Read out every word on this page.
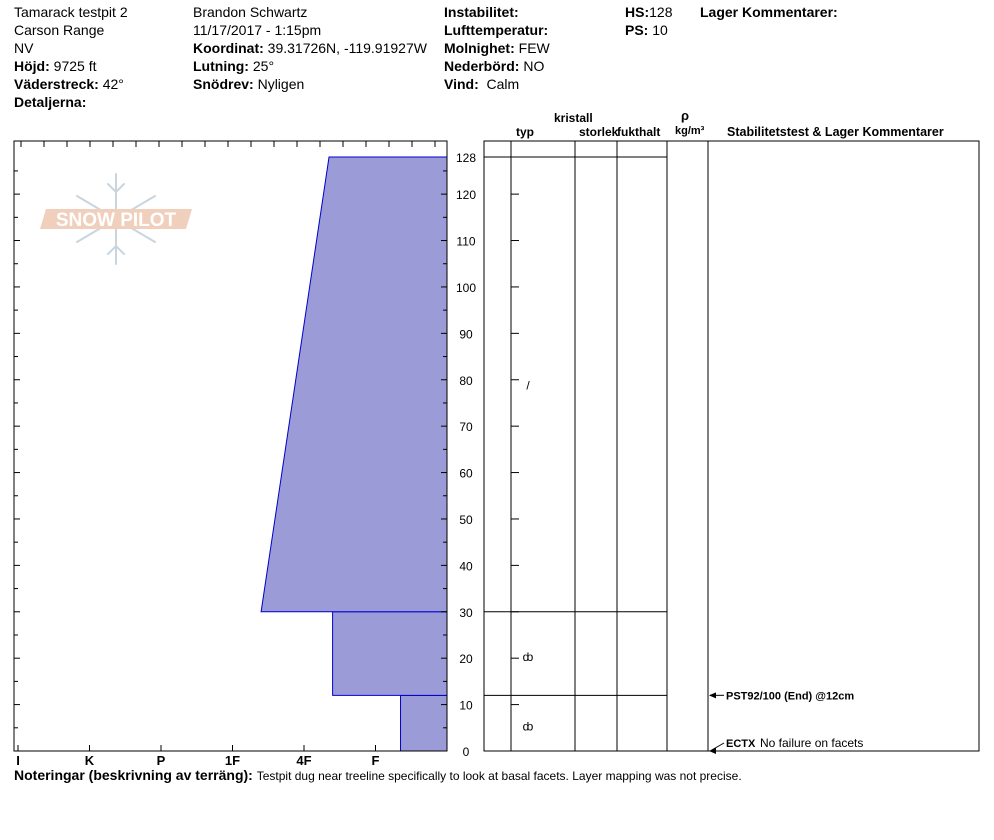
Tamarack testpit 2
Carson Range
NV
Höjd: 9725 ft
Väderstreck: 42°
Detaljerna:
Brandon Schwartz
11/17/2017 - 1:15pm
Koordinat: 39.31726N, -119.91927W
Lutning: 25°
Snödrev: Nyligen
Instabilitet:
Lufttemperatur:
Molnighet: FEW
Nederbörd: NO
Vind: Calm
HS:128
PS: 10
Lager Kommentarer:
kristall
typ	storlek
fukthalt
ρ
kg/m³ Stabilitetstest & Lager Kommentarer
SNOW PILOT
0
10
20
30
40
50
60
70
80
90
100
110
120
128
I	K	P	1F	4F	F
/
ȸ
ȸ
PST92/100 (End) @12cm
ECTX No failure on facets
Noteringar (beskrivning av terräng): Testpit dug near treeline specifically to look at basal facets. Layer mapping was not precise.
